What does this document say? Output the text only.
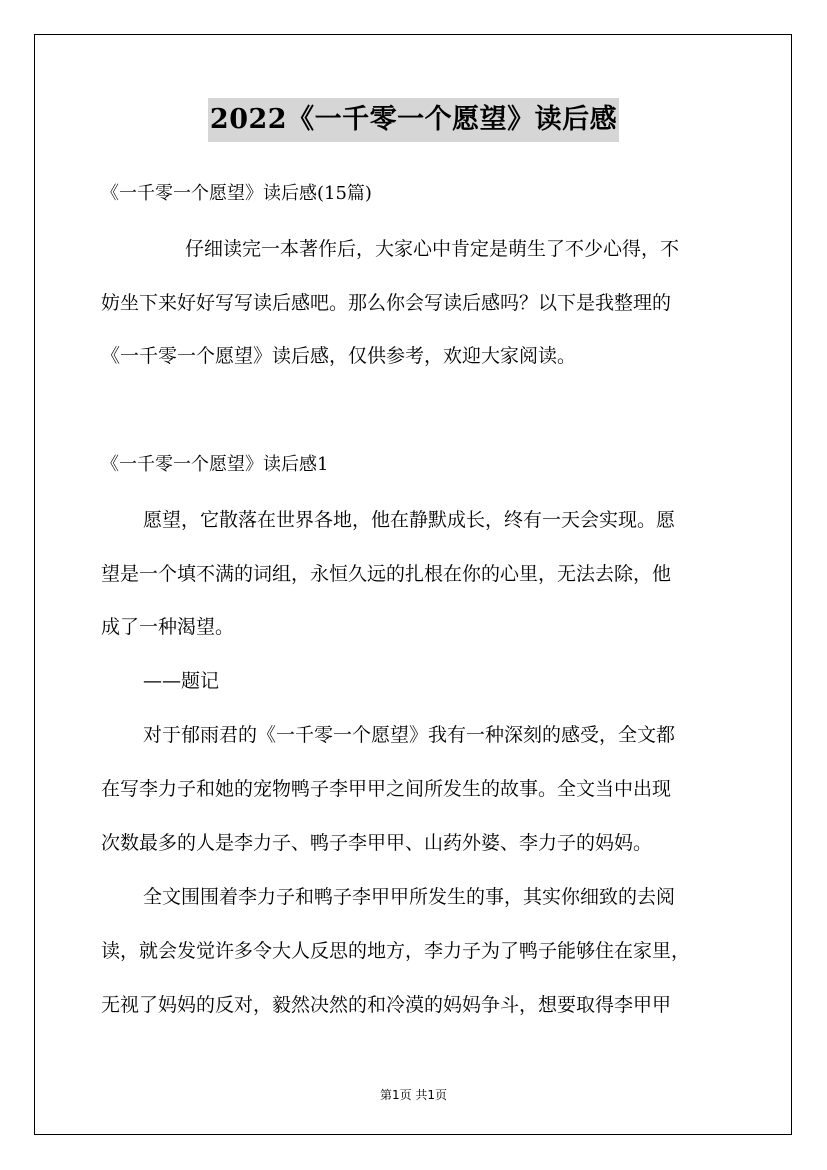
2022《一千零一个愿望》读后感
《一千零一个愿望》读后感(15篇)
仔细读完一本著作后，大家心中肯定是萌生了不少心得，不
妨坐下来好好写写读后感吧。那么你会写读后感吗？以下是我整理的
《一千零一个愿望》读后感，仅供参考，欢迎大家阅读。
《一千零一个愿望》读后感1
愿望，它散落在世界各地，他在静默成长，终有一天会实现。愿
望是一个填不满的词组，永恒久远的扎根在你的心里，无法去除，他
成了一种渴望。
——题记
对于郁雨君的《一千零一个愿望》我有一种深刻的感受，全文都
在写李力子和她的宠物鸭子李甲甲之间所发生的故事。全文当中出现
次数最多的人是李力子、鸭子李甲甲、山药外婆、李力子的妈妈。
全文围围着李力子和鸭子李甲甲所发生的事，其实你细致的去阅
读，就会发觉许多令大人反思的地方，李力子为了鸭子能够住在家里，
无视了妈妈的反对，毅然决然的和冷漠的妈妈争斗，想要取得李甲甲
第1页 共1页
